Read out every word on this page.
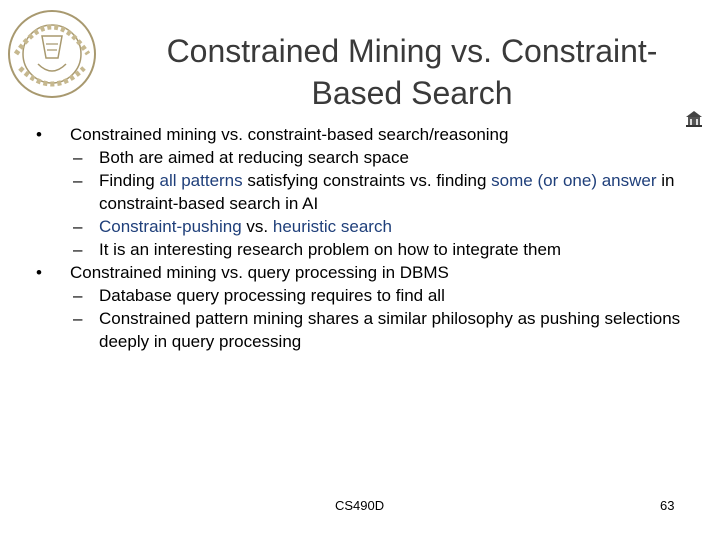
Constrained Mining vs. Constraint-
Based Search
• Constrained mining vs. constraint-based search/reasoning
– Both are aimed at reducing search space
– Finding all patterns satisfying constraints vs. finding some (or one) answer in constraint-based search in AI
– Constraint-pushing vs. heuristic search
– It is an interesting research problem on how to integrate them
• Constrained mining vs. query processing in DBMS
– Database query processing requires to find all
– Constrained pattern mining shares a similar philosophy as pushing selections deeply in query processing
CS490D	63
